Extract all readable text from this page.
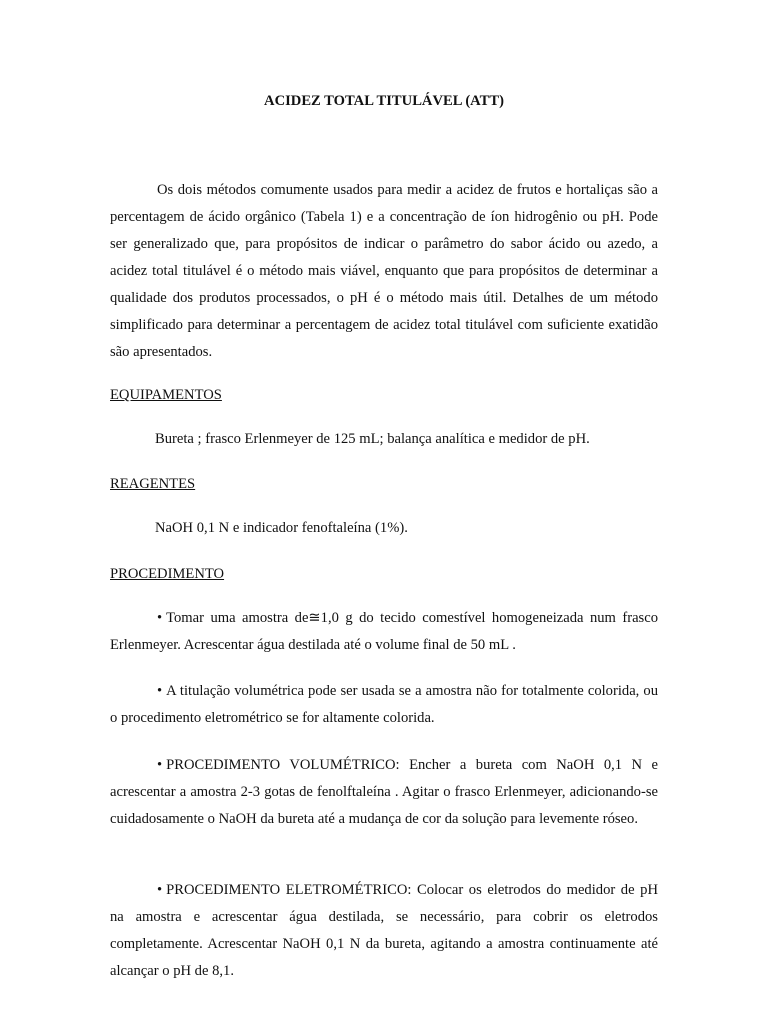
ACIDEZ TOTAL TITULÁVEL (ATT)

Os dois métodos comumente usados para medir a acidez de frutos e hortaliças são a percentagem de ácido orgânico (Tabela 1) e a concentração de íon hidrogênio ou pH. Pode ser generalizado que, para propósitos de indicar o parâmetro do sabor ácido ou azedo, a acidez total titulável é o método mais viável, enquanto que para propósitos de determinar a qualidade dos produtos processados, o pH é o método mais útil. Detalhes de um método simplificado para determinar a percentagem de acidez total titulável com suficiente exatidão são apresentados.

EQUIPAMENTOS

Bureta ; frasco Erlenmeyer de 125 mL; balança analítica e medidor de pH.

REAGENTES

NaOH 0,1 N e indicador fenoftaleína (1%).

PROCEDIMENTO

• Tomar uma amostra de≅1,0 g do tecido comestível homogeneizada num frasco Erlenmeyer. Acrescentar água destilada até o volume final de 50 mL .

• A titulação volumétrica pode ser usada se a amostra não for totalmente colorida, ou o procedimento eletrométrico se for altamente colorida.

• PROCEDIMENTO VOLUMÉTRICO: Encher a bureta com NaOH 0,1 N e acrescentar a amostra 2-3 gotas de fenolftaleína . Agitar o frasco Erlenmeyer, adicionando-se cuidadosamente o NaOH da bureta até a mudança de cor da solução para levemente róseo.

• PROCEDIMENTO ELETROMÉTRICO: Colocar os eletrodos do medidor de pH na amostra e acrescentar água destilada, se necessário, para cobrir os eletrodos completamente. Acrescentar NaOH 0,1 N da bureta, agitando a amostra continuamente até alcançar o pH de 8,1.
